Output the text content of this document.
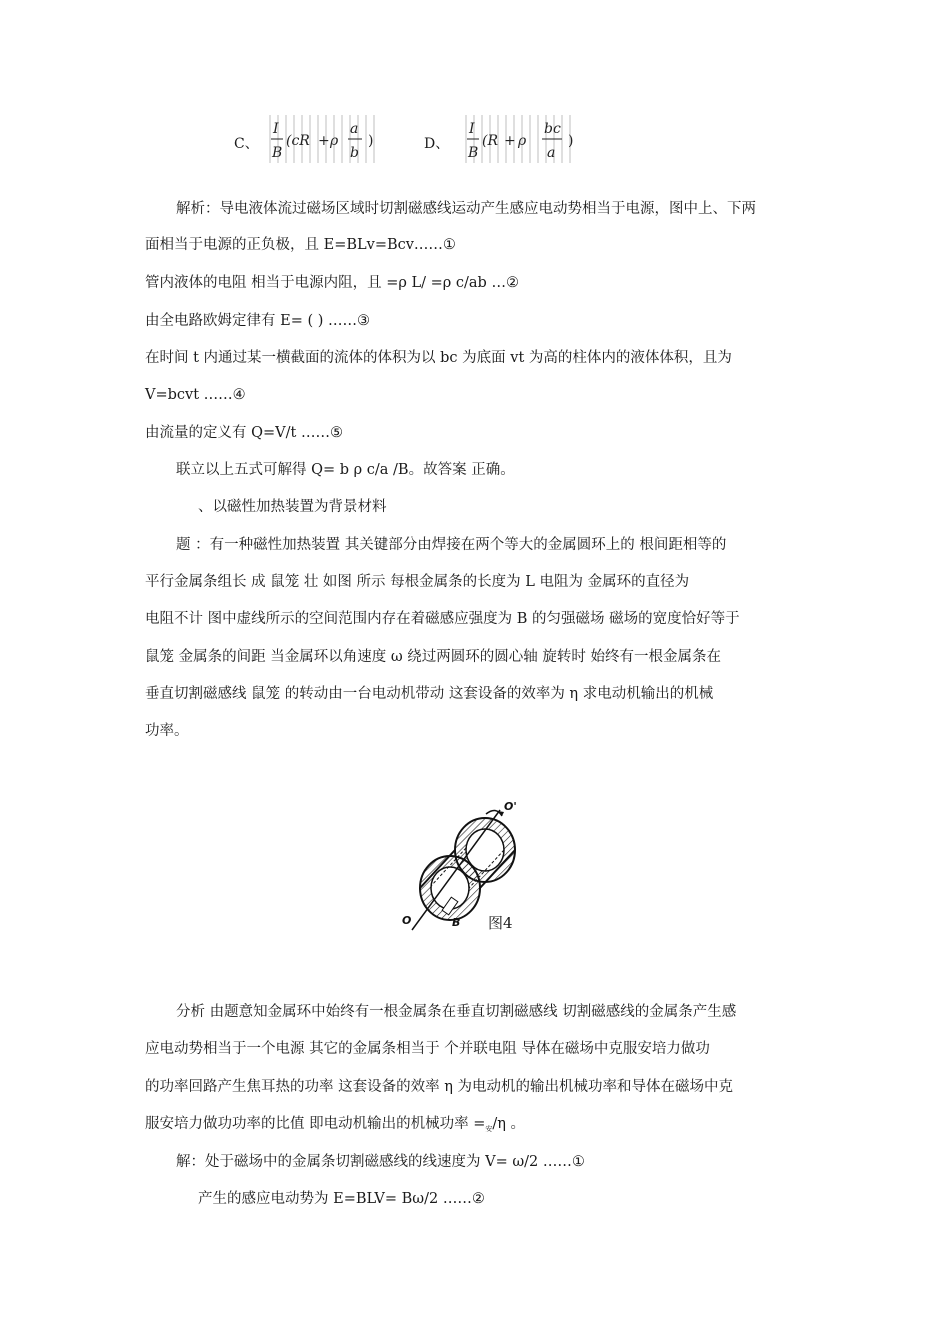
C、
I
B
(cR + ρ
a
b
)	D、
I
B
(R + ρ
bc
a
)
解析：导电液体流过磁场区域时切割磁感线运动产生感应电动势相当于电源，图中上、下两
面相当于电源的正负极，且 E=BLv=Bcv……①
管内液体的电阻 相当于电源内阻，且 =ρ L/ =ρ c/ab …②
由全电路欧姆定律有 E= ( ) ……③
在时间 t 内通过某一横截面的流体的体积为以 bc 为底面 vt 为高的柱体内的液体体积，且为
V=bcvt ……④
由流量的定义有 Q=V/t ……⑤
联立以上五式可解得 Q= b ρ c/a /B。故答案 正确。
、以磁性加热装置为背景材料
题 ：有一种磁性加热装置 其关键部分由焊接在两个等大的金属圆环上的 根间距相等的
平行金属条组长 成 鼠笼 壮 如图 所示 每根金属条的长度为 L 电阻为 金属环的直径为
电阻不计 图中虚线所示的空间范围内存在着磁感应强度为 B 的匀强磁场 磁场的宽度恰好等于
鼠笼 金属条的间距 当金属环以角速度 ω 绕过两圆环的圆心轴 旋转时 始终有一根金属条在
垂直切割磁感线 鼠笼 的转动由一台电动机带动 这套设备的效率为 η 求电动机输出的机械
功率。
O
O'
B 图4
分析 由题意知金属环中始终有一根金属条在垂直切割磁感线 切割磁感线的金属条产生感
应电动势相当于一个电源 其它的金属条相当于 个并联电阻 导体在磁场中克服安培力做功
的功率回路产生焦耳热的功率 这套设备的效率 η 为电动机的输出机械功率和导体在磁场中克
服安培力做功功率的比值 即电动机输出的机械功率 $=_安/\eta$ 。
解：处于磁场中的金属条切割磁感线的线速度为 V= ω/2 ……①
产生的感应电动势为 E=BLV= Bω/2 ……②
